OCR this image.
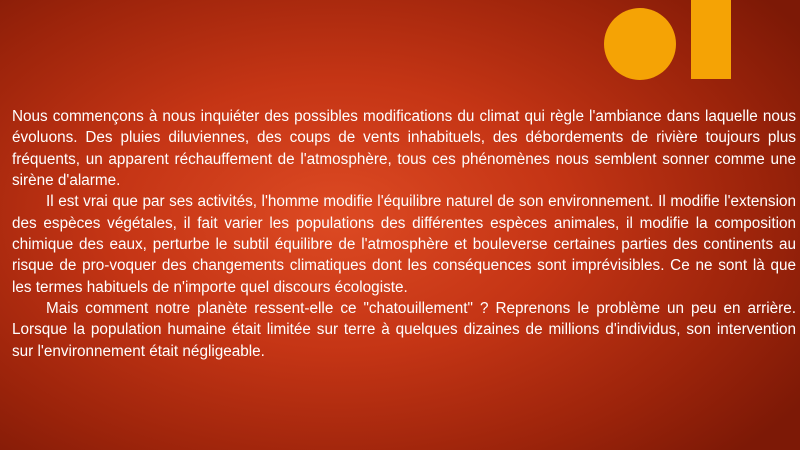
Nous commençons à nous inquiéter des possibles modifications du climat qui règle l'ambiance dans laquelle nous évoluons. Des pluies diluviennes, des coups de vents inhabituels, des débordements de rivière toujours plus fréquents, un apparent réchauffement de l'atmosphère, tous ces phénomènes nous semblent sonner comme une sirène d'alarme.

Il est vrai que par ses activités, l'homme modifie l'équilibre naturel de son environnement. Il modifie l'extension des espèces végétales, il fait varier les populations des différentes espèces animales, il modifie la composition chimique des eaux, perturbe le subtil équilibre de l'atmosphère et bouleverse certaines parties des continents au risque de pro-voquer des changements climatiques dont les conséquences sont imprévisibles. Ce ne sont là que les termes habituels de n'importe quel discours écologiste.

Mais comment notre planète ressent-elle ce "chatouillement" ? Reprenons le problème un peu en arrière. Lorsque la population humaine était limitée sur terre à quelques dizaines de millions d'individus, son intervention sur l'environnement était négligeable.
